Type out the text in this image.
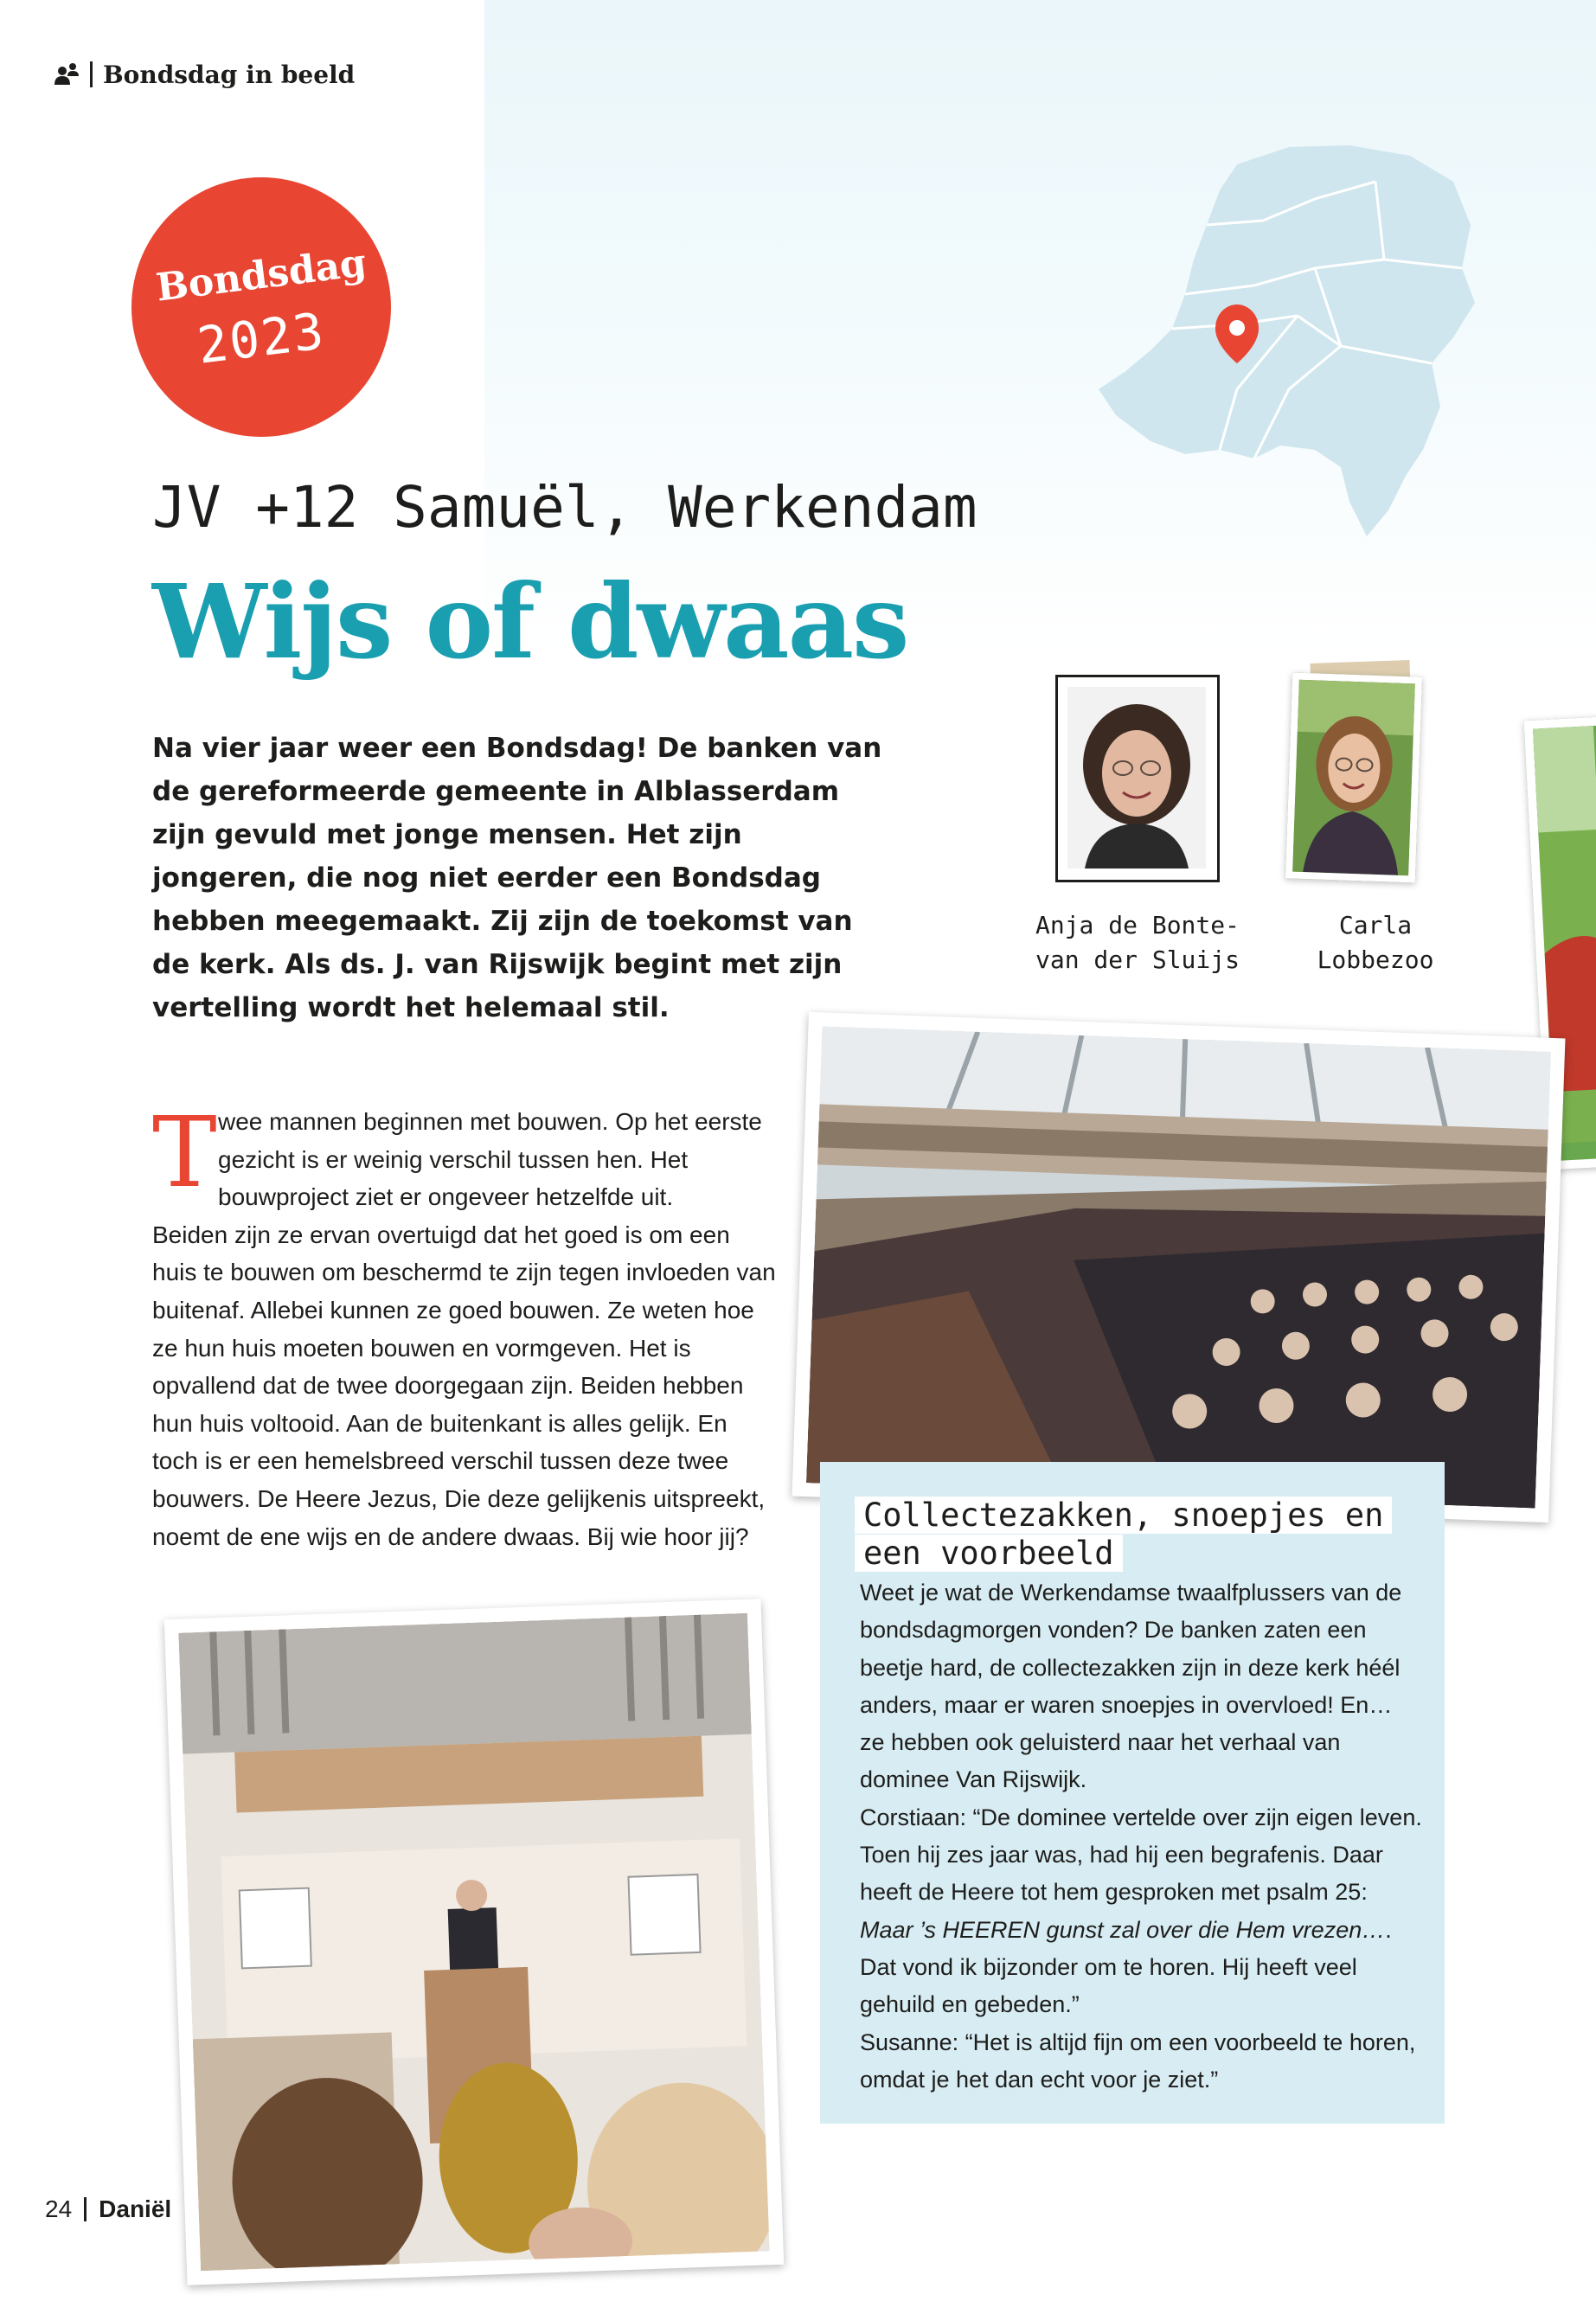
Bondsdag in beeld
Bondsdag
2023
JV +12 Samuël, Werkendam
Wijs of dwaas
Na vier jaar weer een Bondsdag! De banken van de gereformeerde gemeente in Alblasserdam zijn gevuld met jonge mensen. Het zijn jongeren, die nog niet eerder een Bondsdag hebben meegemaakt. Zij zijn de toekomst van de kerk. Als ds. J. van Rijswijk begint met zijn vertelling wordt het helemaal stil.
Anja de Bonte-
van der Sluijs
Carla
Lobbezoo
T wee mannen beginnen met bouwen. Op het eerste gezicht is er weinig verschil tussen hen. Het bouwproject ziet er ongeveer hetzelfde uit.
Beiden zijn ze ervan overtuigd dat het goed is om een huis te bouwen om beschermd te zijn tegen invloeden van buitenaf. Allebei kunnen ze goed bouwen. Ze weten hoe ze hun huis moeten bouwen en vormgeven. Het is opvallend dat de twee doorgegaan zijn. Beiden hebben hun huis voltooid. Aan de buitenkant is alles gelijk. En toch is er een hemelsbreed verschil tussen deze twee bouwers. De Heere Jezus, Die deze gelijkenis uitspreekt, noemt de ene wijs en de andere dwaas. Bij wie hoor jij?
Collectezakken, snoepjes en
een voorbeeld
Weet je wat de Werkendamse twaalfplussers van de bondsdagmorgen vonden? De banken zaten een beetje hard, de collectezakken zijn in deze kerk héél anders, maar er waren snoepjes in overvloed! En… ze hebben ook geluisterd naar het verhaal van dominee Van Rijswijk.
Corstiaan: “De dominee vertelde over zijn eigen leven. Toen hij zes jaar was, had hij een begrafenis. Daar heeft de Heere tot hem gesproken met psalm 25: Maar ’s HEEREN gunst zal over die Hem vrezen…. Dat vond ik bijzonder om te horen. Hij heeft veel gehuild en gebeden.”
Susanne: “Het is altijd fijn om een voorbeeld te horen, omdat je het dan echt voor je ziet.”
24 Daniël
